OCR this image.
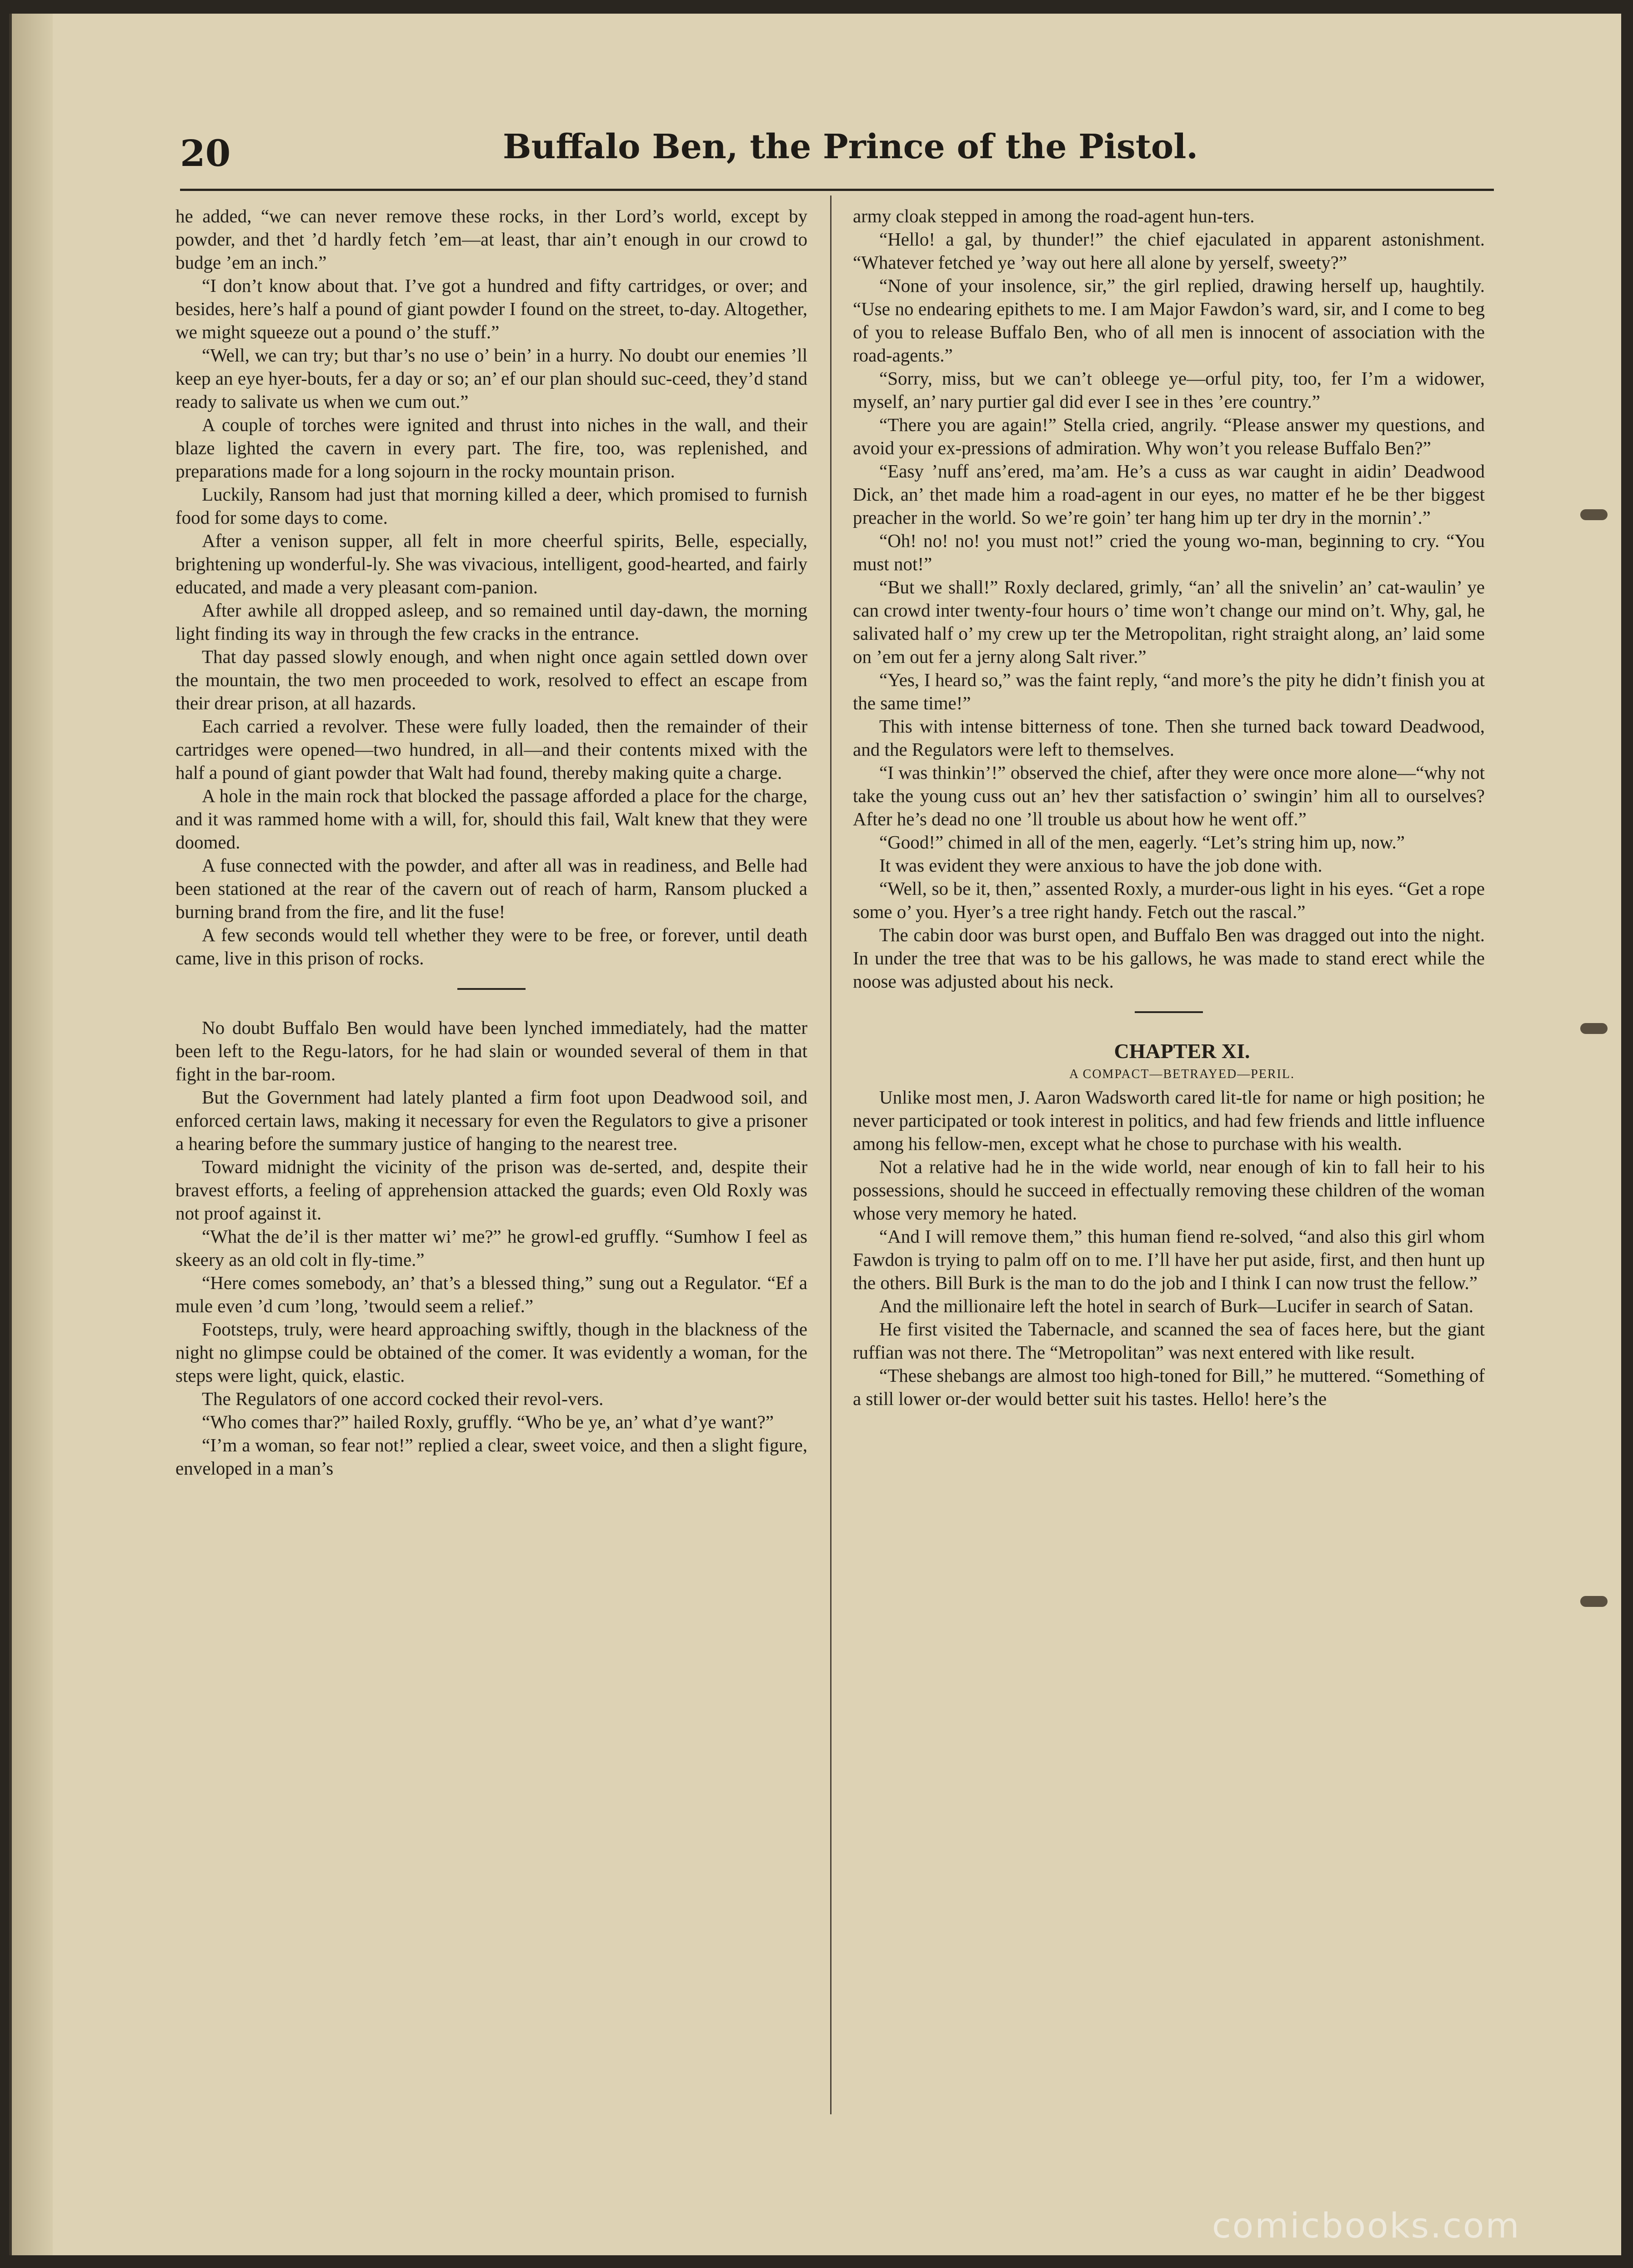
20	Buffalo Ben, the Prince of the Pistol.

he added, “we can never remove these rocks, in ther Lord’s world, except by powder, and thet ’d hardly fetch ’em—at least, thar ain’t enough in our crowd to budge ’em an inch.”

“I don’t know about that. I’ve got a hundred and fifty cartridges, or over; and besides, here’s half a pound of giant powder I found on the street, to-day. Altogether, we might squeeze out a pound o’ the stuff.”

“Well, we can try; but thar’s no use o’ bein’ in a hurry. No doubt our enemies ’ll keep an eye hyer-bouts, fer a day or so; an’ ef our plan should suc-ceed, they’d stand ready to salivate us when we cum out.”

A couple of torches were ignited and thrust into niches in the wall, and their blaze lighted the cavern in every part. The fire, too, was replenished, and preparations made for a long sojourn in the rocky mountain prison.

Luckily, Ransom had just that morning killed a deer, which promised to furnish food for some days to come.

After a venison supper, all felt in more cheerful spirits, Belle, especially, brightening up wonderful-ly. She was vivacious, intelligent, good-hearted, and fairly educated, and made a very pleasant com-panion.

After awhile all dropped asleep, and so remained until day-dawn, the morning light finding its way in through the few cracks in the entrance.

That day passed slowly enough, and when night once again settled down over the mountain, the two men proceeded to work, resolved to effect an escape from their drear prison, at all hazards.

Each carried a revolver. These were fully loaded, then the remainder of their cartridges were opened—two hundred, in all—and their contents mixed with the half a pound of giant powder that Walt had found, thereby making quite a charge.

A hole in the main rock that blocked the passage afforded a place for the charge, and it was rammed home with a will, for, should this fail, Walt knew that they were doomed.

A fuse connected with the powder, and after all was in readiness, and Belle had been stationed at the rear of the cavern out of reach of harm, Ransom plucked a burning brand from the fire, and lit the fuse!

A few seconds would tell whether they were to be free, or forever, until death came, live in this prison of rocks.

No doubt Buffalo Ben would have been lynched immediately, had the matter been left to the Regu-lators, for he had slain or wounded several of them in that fight in the bar-room.

But the Government had lately planted a firm foot upon Deadwood soil, and enforced certain laws, making it necessary for even the Regulators to give a prisoner a hearing before the summary justice of hanging to the nearest tree.

Toward midnight the vicinity of the prison was de-serted, and, despite their bravest efforts, a feeling of apprehension attacked the guards; even Old Roxly was not proof against it.

“What the de’il is ther matter wi’ me?” he growl-ed gruffly. “Sumhow I feel as skeery as an old colt in fly-time.”

“Here comes somebody, an’ that’s a blessed thing,” sung out a Regulator. “Ef a mule even ’d cum ’long, ’twould seem a relief.”

Footsteps, truly, were heard approaching swiftly, though in the blackness of the night no glimpse could be obtained of the comer. It was evidently a woman, for the steps were light, quick, elastic.

The Regulators of one accord cocked their revol-vers.

“Who comes thar?” hailed Roxly, gruffly. “Who be ye, an’ what d’ye want?”

“I’m a woman, so fear not!” replied a clear, sweet voice, and then a slight figure, enveloped in a man’s

army cloak stepped in among the road-agent hun-ters.

“Hello! a gal, by thunder!” the chief ejaculated in apparent astonishment. “Whatever fetched ye ’way out here all alone by yerself, sweety?”

“None of your insolence, sir,” the girl replied, drawing herself up, haughtily. “Use no endearing epithets to me. I am Major Fawdon’s ward, sir, and I come to beg of you to release Buffalo Ben, who of all men is innocent of association with the road-agents.”

“Sorry, miss, but we can’t obleege ye—orful pity, too, fer I’m a widower, myself, an’ nary purtier gal did ever I see in thes ’ere country.”

“There you are again!” Stella cried, angrily. “Please answer my questions, and avoid your ex-pressions of admiration. Why won’t you release Buffalo Ben?”

“Easy ’nuff ans’ered, ma’am. He’s a cuss as war caught in aidin’ Deadwood Dick, an’ thet made him a road-agent in our eyes, no matter ef he be ther biggest preacher in the world. So we’re goin’ ter hang him up ter dry in the mornin’.”

“Oh! no! no! you must not!” cried the young wo-man, beginning to cry. “You must not!”

“But we shall!” Roxly declared, grimly, “an’ all the snivelin’ an’ cat-waulin’ ye can crowd inter twenty-four hours o’ time won’t change our mind on’t. Why, gal, he salivated half o’ my crew up ter the Metropolitan, right straight along, an’ laid some on ’em out fer a jerny along Salt river.”

“Yes, I heard so,” was the faint reply, “and more’s the pity he didn’t finish you at the same time!”

This with intense bitterness of tone. Then she turned back toward Deadwood, and the Regulators were left to themselves.

“I was thinkin’!” observed the chief, after they were once more alone—“why not take the young cuss out an’ hev ther satisfaction o’ swingin’ him all to ourselves? After he’s dead no one ’ll trouble us about how he went off.”

“Good!” chimed in all of the men, eagerly. “Let’s string him up, now.”

It was evident they were anxious to have the job done with.

“Well, so be it, then,” assented Roxly, a murder-ous light in his eyes. “Get a rope some o’ you. Hyer’s a tree right handy. Fetch out the rascal.”

The cabin door was burst open, and Buffalo Ben was dragged out into the night. In under the tree that was to be his gallows, he was made to stand erect while the noose was adjusted about his neck.

CHAPTER XI.

A COMPACT—BETRAYED—PERIL.

Unlike most men, J. Aaron Wadsworth cared lit-tle for name or high position; he never participated or took interest in politics, and had few friends and little influence among his fellow-men, except what he chose to purchase with his wealth.

Not a relative had he in the wide world, near enough of kin to fall heir to his possessions, should he succeed in effectually removing these children of the woman whose very memory he hated.

“And I will remove them,” this human fiend re-solved, “and also this girl whom Fawdon is trying to palm off on to me. I’ll have her put aside, first, and then hunt up the others. Bill Burk is the man to do the job and I think I can now trust the fellow.”

And the millionaire left the hotel in search of Burk—Lucifer in search of Satan.

He first visited the Tabernacle, and scanned the sea of faces here, but the giant ruffian was not there. The “Metropolitan” was next entered with like result.

“These shebangs are almost too high-toned for Bill,” he muttered. “Something of a still lower or-der would better suit his tastes. Hello! here’s the

comicbooks.com
